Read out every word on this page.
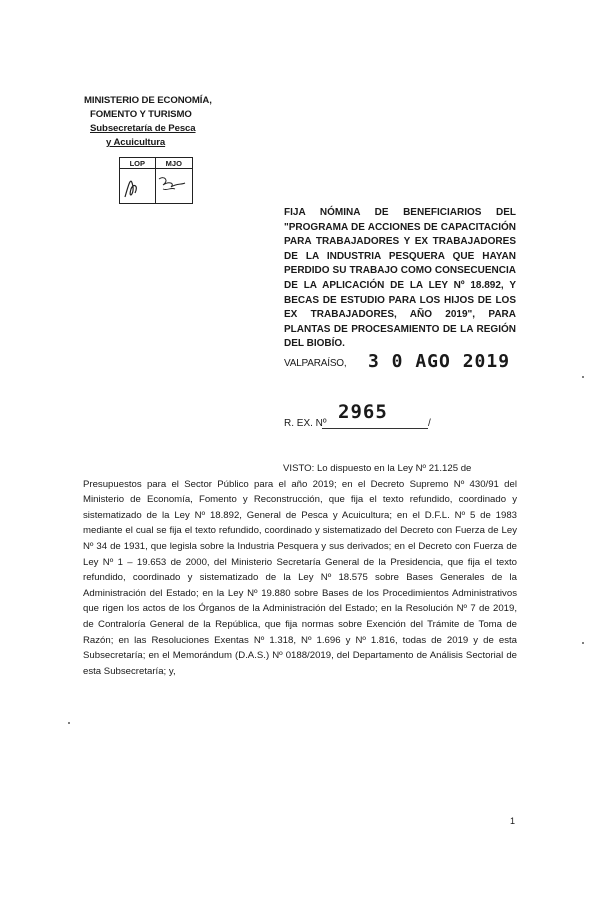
MINISTERIO DE ECONOMÍA,
FOMENTO Y TURISMO
Subsecretaría de Pesca
y Acuicultura
LOP	MJO

FIJA NÓMINA DE BENEFICIARIOS DEL "PROGRAMA DE ACCIONES DE CAPACITACIÓN PARA TRABAJADORES Y EX TRABAJADORES DE LA INDUSTRIA PESQUERA QUE HAYAN PERDIDO SU TRABAJO COMO CONSECUENCIA DE LA APLICACIÓN DE LA LEY Nº 18.892, Y BECAS DE ESTUDIO PARA LOS HIJOS DE LOS EX TRABAJADORES, AÑO 2019", PARA PLANTAS DE PROCESAMIENTO DE LA REGIÓN DEL BIOBÍO.
VALPARAÍSO, 3 0 AGO 2019
R. EX. Nº	/
2965
VISTO: Lo dispuesto en la Ley Nº 21.125 de
Presupuestos para el Sector Público para el año 2019; en el Decreto Supremo Nº 430/91 del Ministerio de Economía, Fomento y Reconstrucción, que fija el texto refundido, coordinado y sistematizado de la Ley Nº 18.892, General de Pesca y Acuicultura; en el D.F.L. Nº 5 de 1983 mediante el cual se fija el texto refundido, coordinado y sistematizado del Decreto con Fuerza de Ley Nº 34 de 1931, que legisla sobre la Industria Pesquera y sus derivados; en el Decreto con Fuerza de Ley Nº 1 – 19.653 de 2000, del Ministerio Secretaría General de la Presidencia, que fija el texto refundido, coordinado y sistematizado de la Ley Nº 18.575 sobre Bases Generales de la Administración del Estado; en la Ley Nº 19.880 sobre Bases de los Procedimientos Administrativos que rigen los actos de los Órganos de la Administración del Estado; en la Resolución Nº 7 de 2019, de Contraloría General de la República, que fija normas sobre Exención del Trámite de Toma de Razón; en las Resoluciones Exentas Nº 1.318, Nº 1.696 y Nº 1.816, todas de 2019 y de esta Subsecretaría; en el Memorándum (D.A.S.) Nº 0188/2019, del Departamento de Análisis Sectorial de esta Subsecretaría; y,
1
